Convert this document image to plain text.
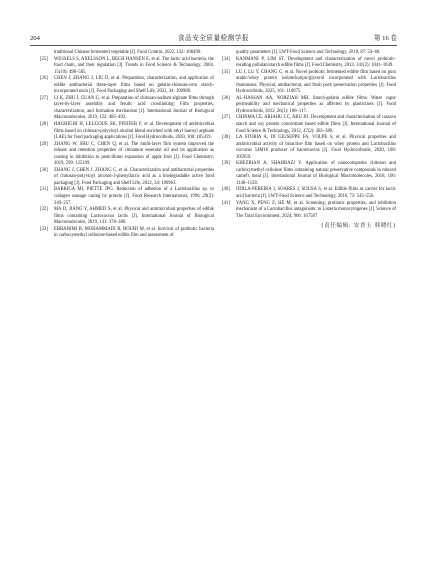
204	食品安全质量检测学报	第 16 卷

traditional Chinese fermented vegetable [J]. Food Control, 2022, 132: 108490.

[25] WESSELS S, AXELSSON L, BECH HANSEN E, et al. The lactic acid bacteria, the food chain, and their regulation [J]. Trends in Food Science & Technology, 2004, 15(10): 498–505.

[26] CHEN J, ZHANG J, LIU D, et al. Preparation, characterization, and application of edible antibacterial three-layer films based on gelatin-chitosan-corn starch-incorporated nisin [J]. Food Packaging and Shelf Life, 2022, 34: 100980.

[27] LI K, ZHU J, GUAN G, et al. Preparation of chitosan-sodium alginate films through layer-by-layer assembly and ferulic acid crosslinking: Film properties, characterization, and formation mechanism [J]. International Journal of Biological Macromolecules, 2019, 122: 485–492.

[28] HAGHIGHI H, LEUGOUE SK, PFEIFER F, et al. Development of antimicrobial films based on chitosan-polyvinyl alcohol blend enriched with ethyl lauroyl arginate (LAE) for food packaging applications [J]. Food Hydrocolloids, 2020, 100: 105419.

[29] ZHANG W, SHU C, CHEN Q, et al. The multi-layer film system improved the release and retention properties of cinnamon essential oil and its application as coating in inhibition to penicillium expansion of apple fruit [J]. Food Chemistry, 2019, 299: 125109.

[30] ZHANG J, CHEN J, ZHANG C, et al. Characterization and antibacterial properties of chitosan-polyvinyl alcohol-3-phenyllactic acid as a biodegradable active food packaging [J]. Food Packaging and Shelf Life, 2022, 34: 100963.

[31] BARRIGA MI, PIETTE JPG. Reduction of adhesion of a Lactobacillus sp. to collagen sausage casing by protein [J]. Food Research International, 1996, 29(3): 249–257.

[32] MA D, JIANG Y, AHMED S, et al. Physical and antimicrobial properties of edible films containing Lactococcus lactis [J]. International Journal of Biological Macromolecules, 2019, 141: 378–386.

[33] EBRAHIMI B, MOHAMMADI R, ROUHI M, et al. Survival of probiotic bacteria in carboxymethyl cellulose-based edible film and assessment of

quality parameters [J]. LWT-Food Science and Technology, 2018, 87: 54–60.

[34] KANMANI P, LIM ST. Development and characterization of novel probiotic-residing pullulan/starch edible films [J]. Food Chemistry, 2013, 141(2): 1041–1049.

[35] LU J, LU Y, CHANG C, et al. Novel probiotic fermented edible film based on gum arabic/whey protein isolate/konjac/glycerol incorporated with Lactobacillus rhamnosus: Physical, antibacterial, and fresh pork preservation properties [J]. Food Hydrocolloids, 2025, 161: 110875.

[36] AL-HASSAN AA, NORZIAH MH. Starch-gelatin edible films: Water vapor permeability and mechanical properties as affected by plasticizers [J]. Food Hydrocolloids, 2012, 26(1): 108–117.

[37] CHINMA CE, ARIAHU CC, ABU JO. Development and characterization of cassava starch and soy protein concentrate based edible films [J]. International Journal of Food Science & Technology, 2012, 47(2): 383–389.

[38] LA STORIA A, DI GIUSEPPE FA, VOLPE S, et al. Physical properties and antimicrobial activity of bioactive film based on whey protein and Lactobacillus curvatus 54M16 producer of bacteriocins [J]. Food Hydrocolloids, 2020, 108: 105959.

[39] KHEZRIAN A, SHAHBAZI Y. Application of nanocomposite chitosan and carboxymethyl cellulose films containing natural preservative compounds in minced camel's meat [J]. International Journal of Biological Macromolecules, 2018, 106: 1146–1158.

[40] ODILA-PEREIRA J, SOARES J, SOUSA S, et al. Edible films as carrier for lactic acid bacteria [J]. LWT-Food Science and Technology, 2016, 73: 543–550.

[41] YANG X, PENG Z, HE M, et al. Screening, probiotic properties, and inhibition mechanism of a Lactobacillus antagonistic to Listeria monocytogenes [J]. Science of The Total Environment, 2024, 906: 167587.

(责任编辑: 安香玉 韩晓红)
